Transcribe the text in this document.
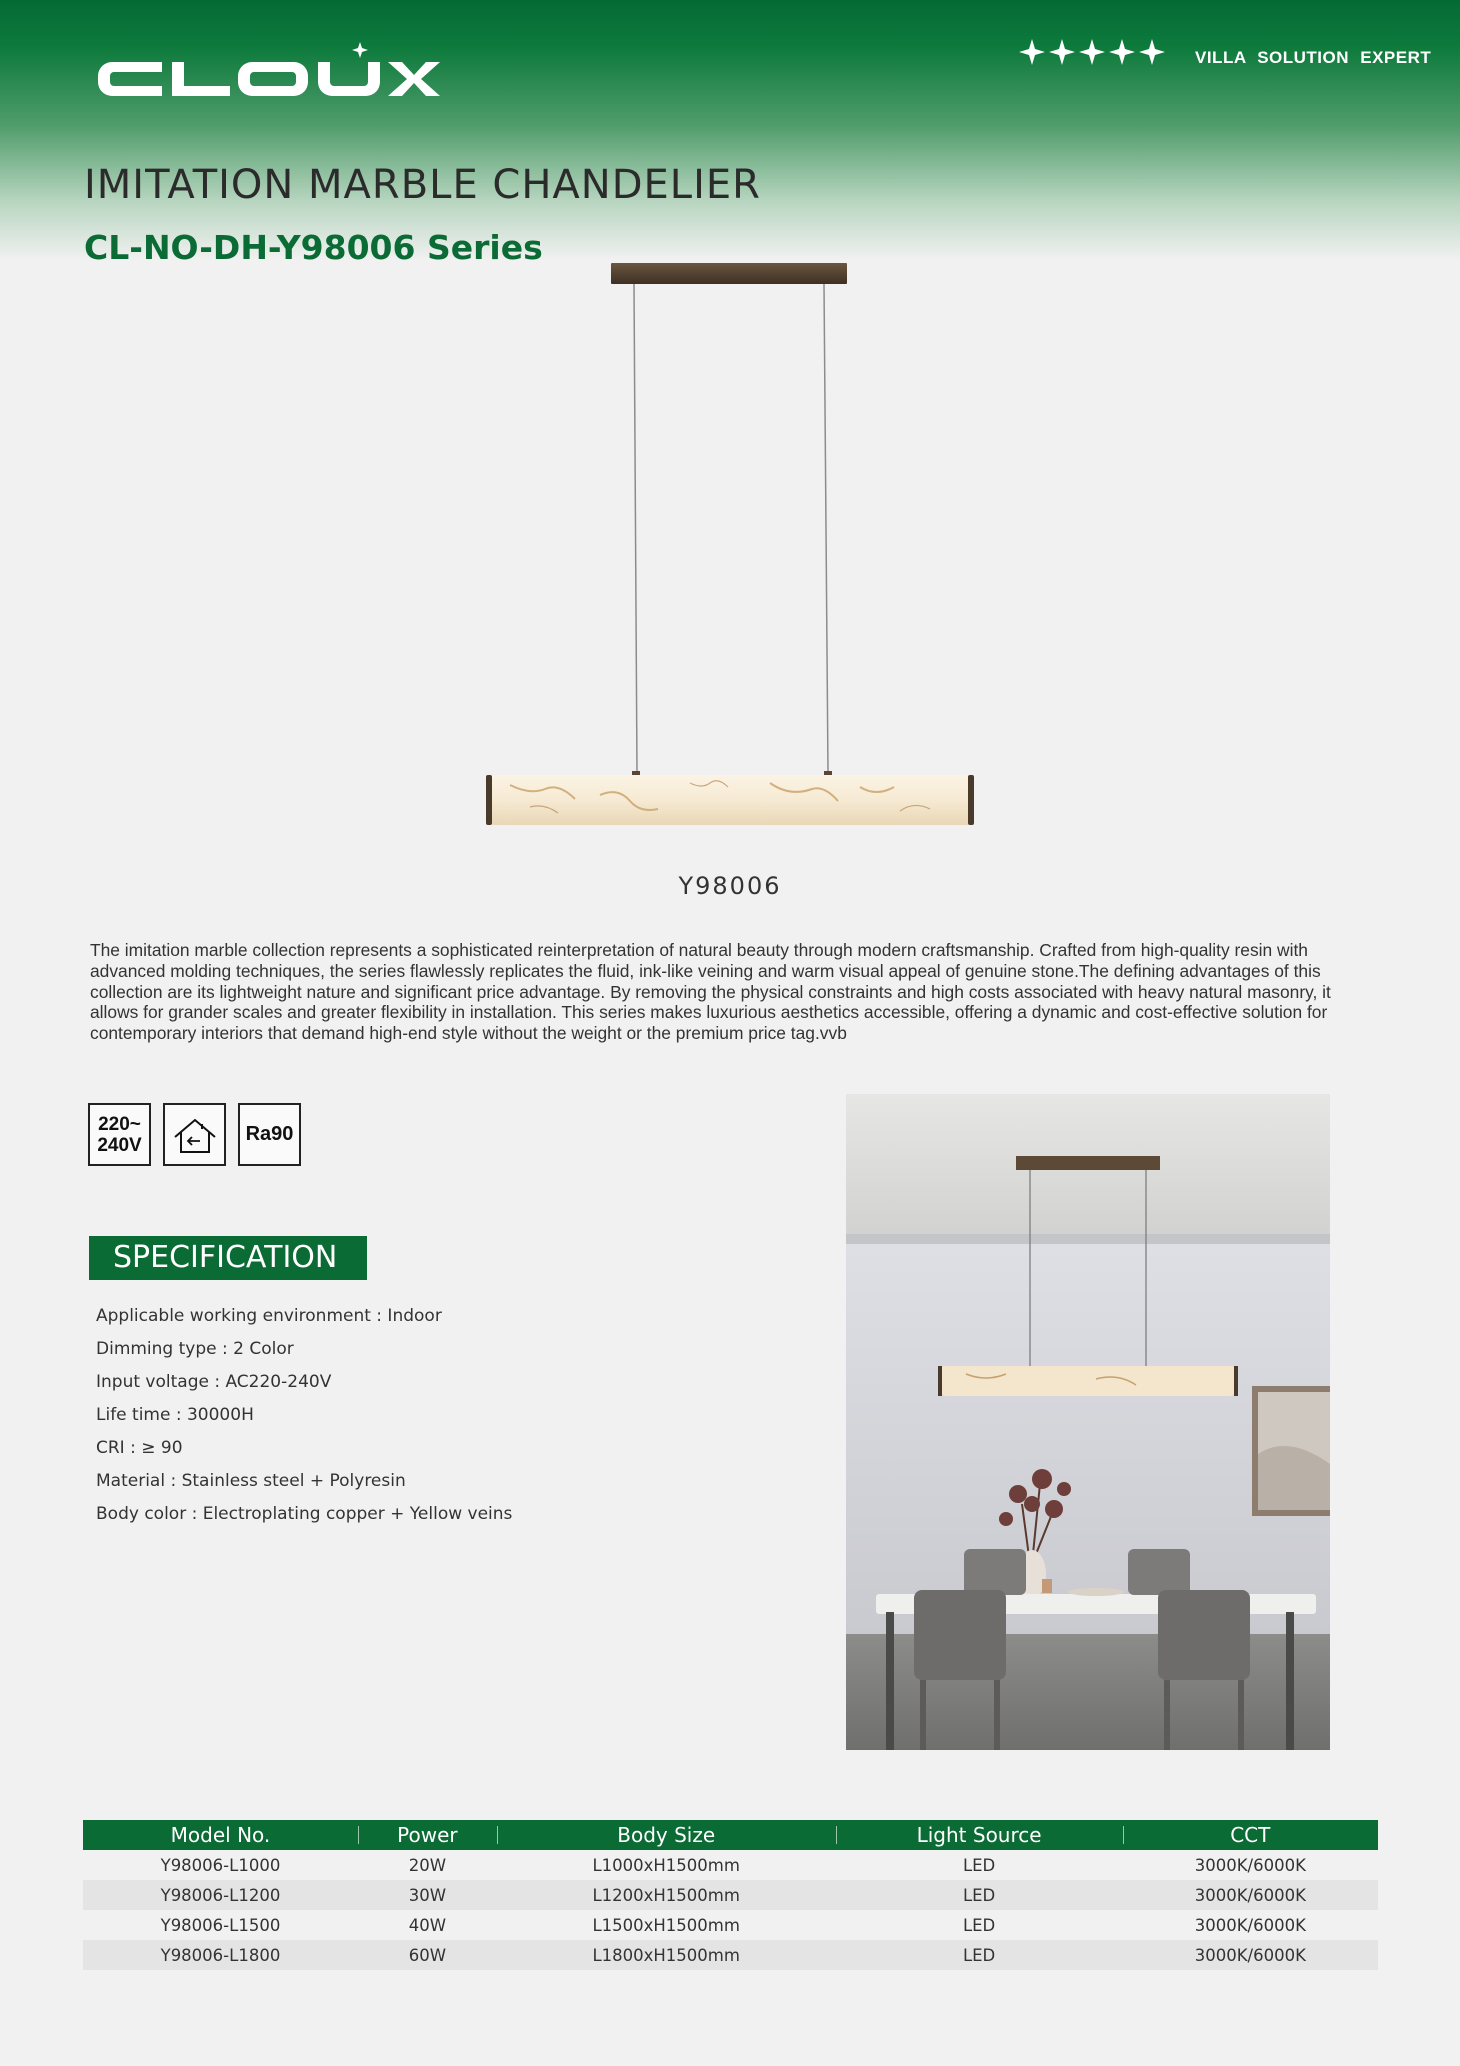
VILLA SOLUTION EXPERT
IMITATION MARBLE CHANDELIER
CL-NO-DH-Y98006 Series
Y98006

The imitation marble collection represents a sophisticated reinterpretation of natural beauty through modern craftsmanship. Crafted from high-quality resin with advanced molding techniques, the series flawlessly replicates the fluid, ink-like veining and warm visual appeal of genuine stone.The defining advantages of this collection are its lightweight nature and significant price advantage. By removing the physical constraints and high costs associated with heavy natural masonry, it allows for grander scales and greater flexibility in installation. This series makes luxurious aesthetics accessible, offering a dynamic and cost-effective solution for contemporary interiors that demand high-end style without the weight or the premium price tag.vvb

220~
240V	Ra90
SPECIFICATION
Applicable working environment : Indoor
Dimming type : 2 Color
Input voltage : AC220-240V
Life time : 30000H
CRI : ≥ 90
Material : Stainless steel + Polyresin
Body color : Electroplating copper + Yellow veins
Model No.	Power	Body Size	Light Source	CCT
Y98006-L1000	20W	L1000xH1500mm	LED	3000K/6000K
Y98006-L1200	30W	L1200xH1500mm	LED	3000K/6000K
Y98006-L1500	40W	L1500xH1500mm	LED	3000K/6000K
Y98006-L1800	60W	L1800xH1500mm	LED	3000K/6000K
